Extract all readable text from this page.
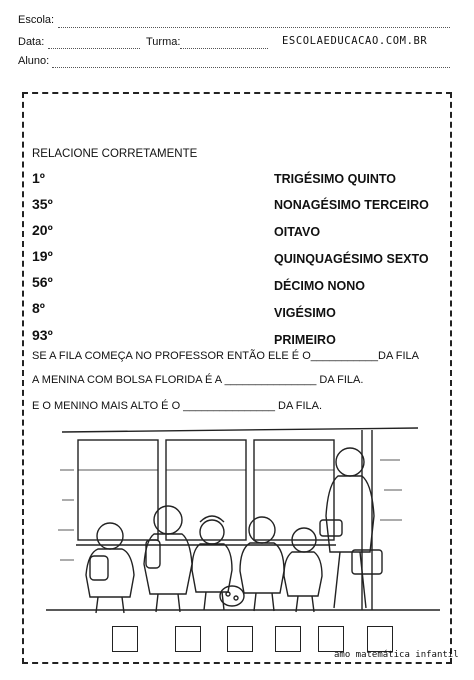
Escola:
Data:	Turma:	ESCOLAEDUCACAO.COM.BR
Aluno:
RELACIONE CORRETAMENTE
1º
35º
20º
19º
56º
8º
93º
TRIGÉSIMO QUINTO
NONAGÉSIMO TERCEIRO
OITAVO
QUINQUAGÉSIMO SEXTO
DÉCIMO NONO
VIGÉSIMO
PRIMEIRO
SE A FILA COMEÇA NO PROFESSOR ENTÃO ELE É O___________DA FILA
A MENINA COM BOLSA FLORIDA É A _______________ DA FILA.
E O MENINO MAIS ALTO É O _______________ DA FILA.
amo matemática infantil
